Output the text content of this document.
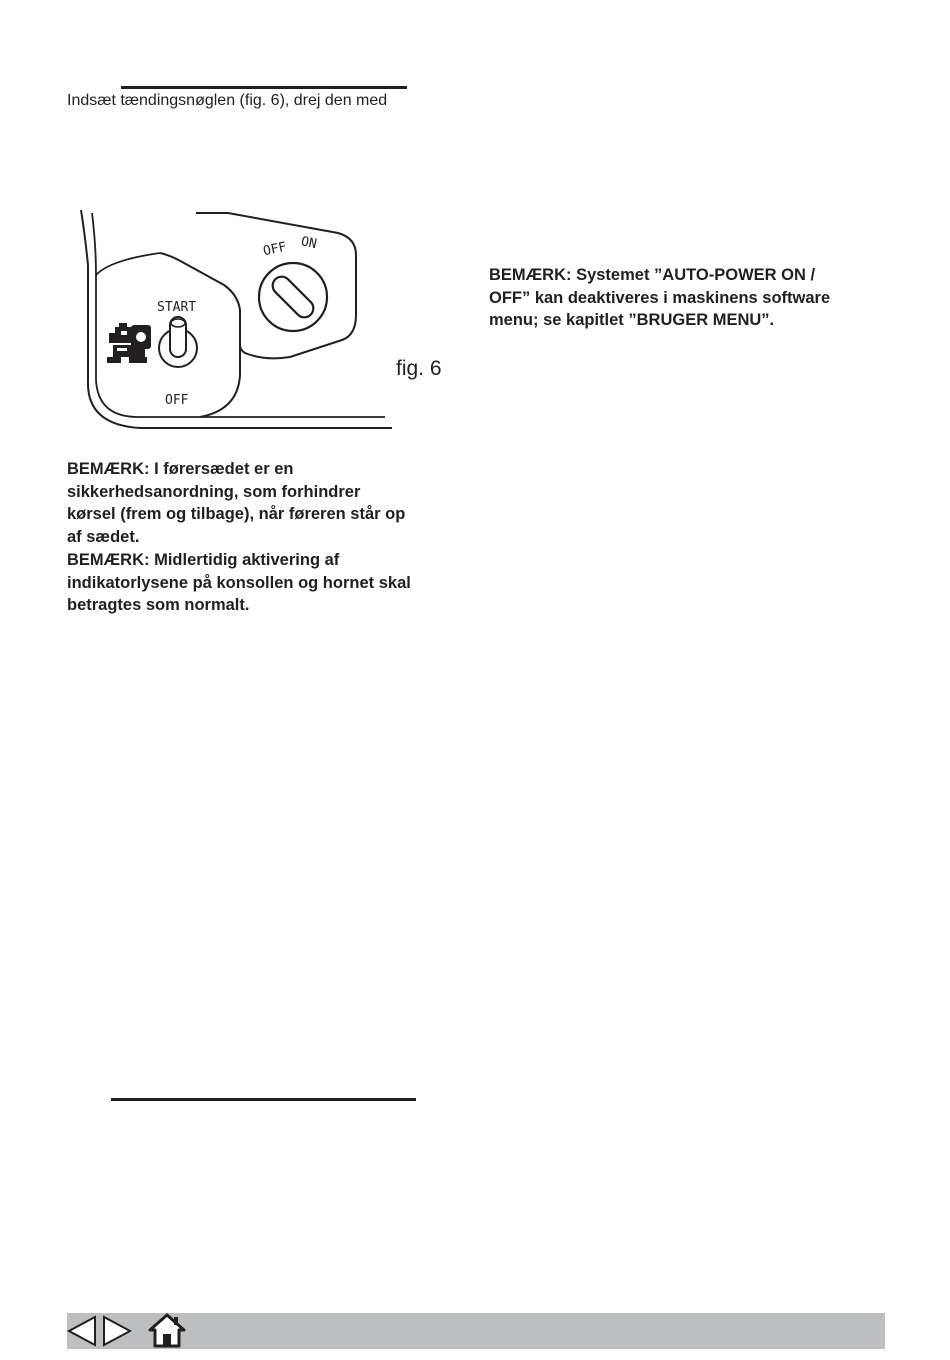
Indsæt tændingsnøglen (fig. 6), drej den med
OFF ON
START
OFF
fig. 6

BEMÆRK: I førersædet er en

sikkerhedsanordning, som forhindrer

kørsel (frem og tilbage), når føreren står op

af sædet.

BEMÆRK: Midlertidig aktivering af

indikatorlysene på konsollen og hornet skal

betragtes som normalt.

BEMÆRK: Systemet ”AUTO-POWER ON /

OFF” kan deaktiveres i maskinens software

menu; se kapitlet ”BRUGER MENU”.
